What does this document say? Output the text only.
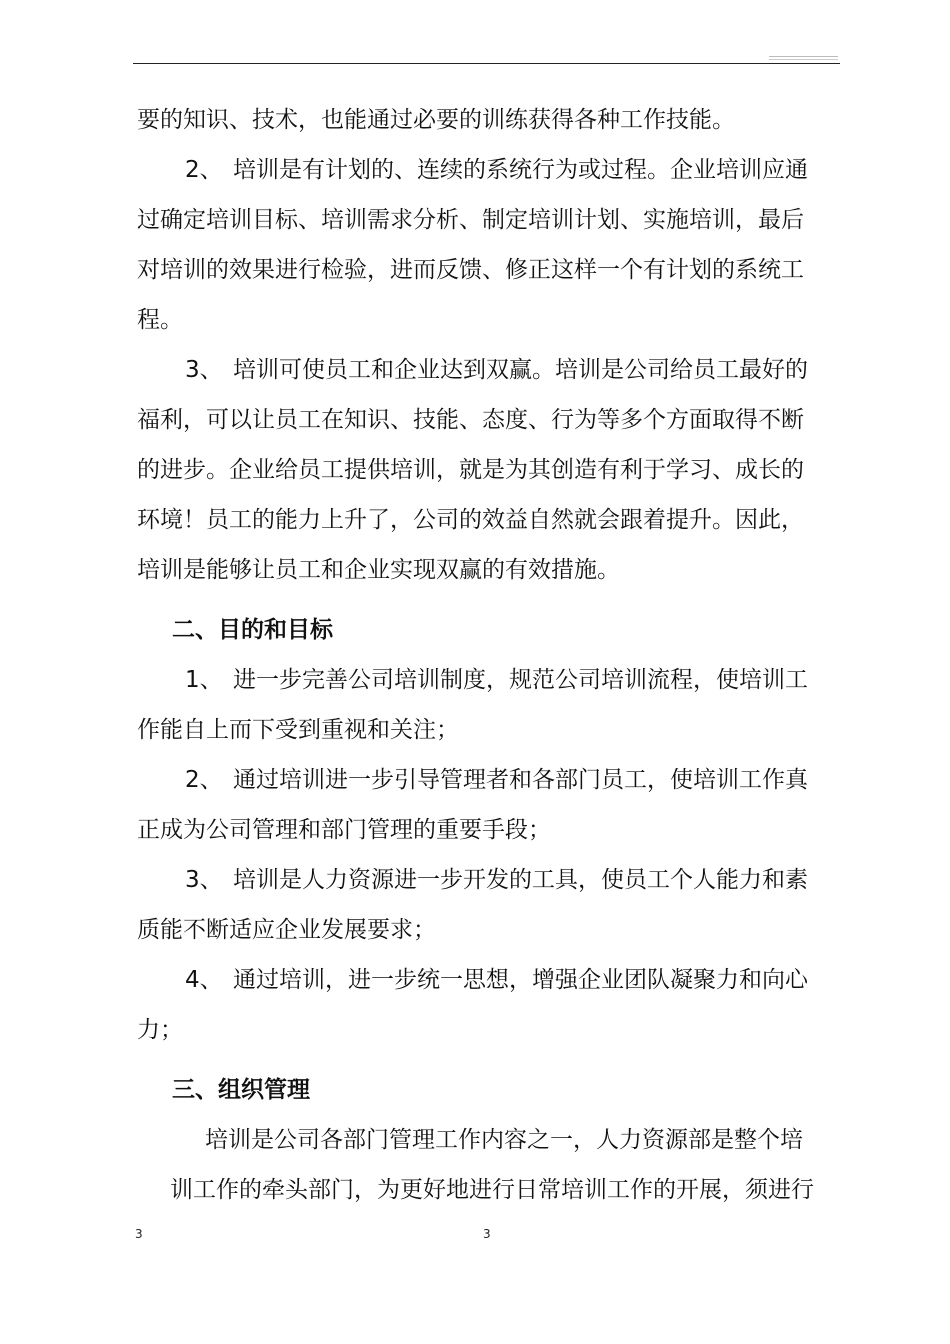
要的知识、技术，也能通过必要的训练获得各种工作技能。
2、 培训是有计划的、连续的系统行为或过程。企业培训应通
过确定培训目标、培训需求分析、制定培训计划、实施培训，最后
对培训的效果进行检验，进而反馈、修正这样一个有计划的系统工
程。
3、 培训可使员工和企业达到双赢。培训是公司给员工最好的
福利，可以让员工在知识、技能、态度、行为等多个方面取得不断
的进步。企业给员工提供培训，就是为其创造有利于学习、成长的
环境！员工的能力上升了，公司的效益自然就会跟着提升。因此，
培训是能够让员工和企业实现双赢的有效措施。
二、目的和目标
1、 进一步完善公司培训制度，规范公司培训流程，使培训工
作能自上而下受到重视和关注；
2、 通过培训进一步引导管理者和各部门员工，使培训工作真
正成为公司管理和部门管理的重要手段；
3、 培训是人力资源进一步开发的工具，使员工个人能力和素
质能不断适应企业发展要求；
4、 通过培训，进一步统一思想，增强企业团队凝聚力和向心
力；
三、组织管理
培训是公司各部门管理工作内容之一，人力资源部是整个培
训工作的牵头部门，为更好地进行日常培训工作的开展，须进行
3	3
